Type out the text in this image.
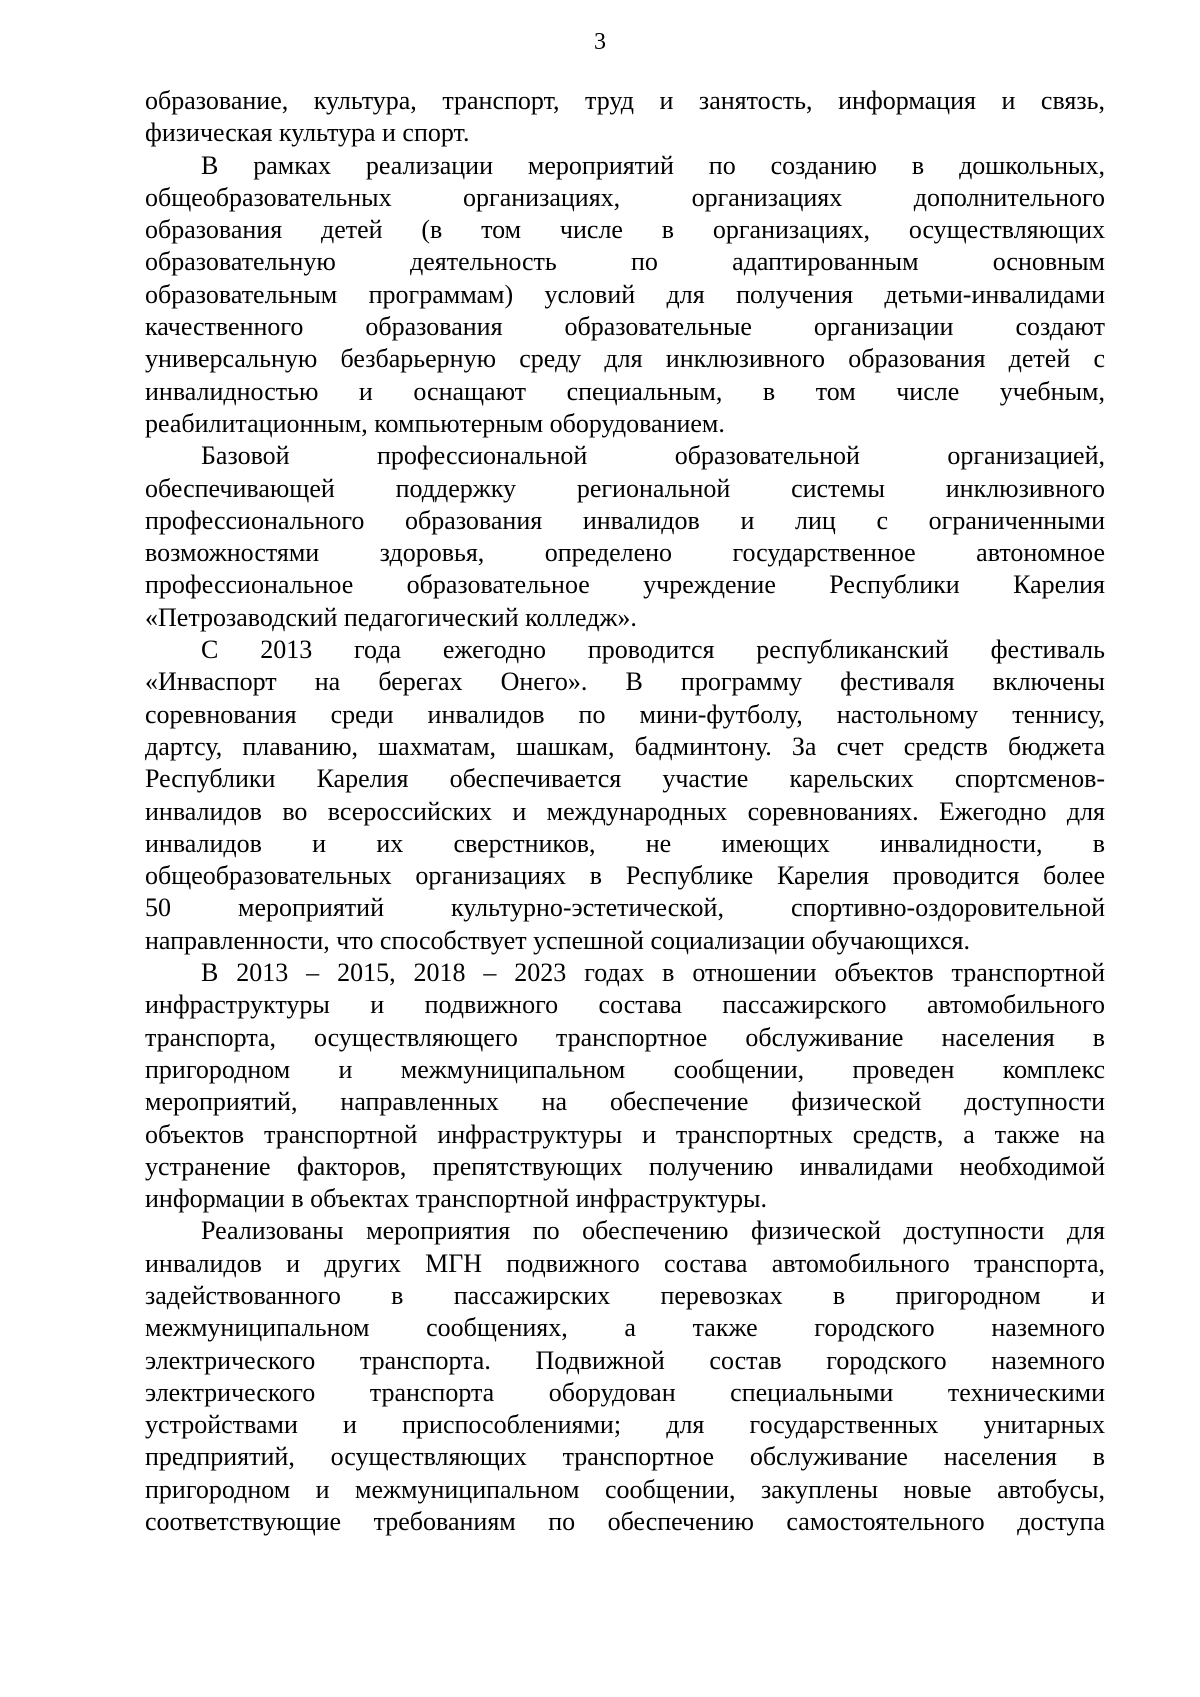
3
образование, культура, транспорт, труд и занятость, информация и связь,
физическая культура и спорт.
В рамках реализации мероприятий по созданию в дошкольных,
общеобразовательных организациях, организациях дополнительного
образования детей (в том числе в организациях, осуществляющих
образовательную деятельность по адаптированным основным
образовательным программам) условий для получения детьми-инвалидами
качественного образования образовательные организации создают
универсальную безбарьерную среду для инклюзивного образования детей с
инвалидностью и оснащают специальным, в том числе учебным,
реабилитационным, компьютерным оборудованием.
Базовой профессиональной образовательной организацией,
обеспечивающей поддержку региональной системы инклюзивного
профессионального образования инвалидов и лиц с ограниченными
возможностями здоровья, определено государственное автономное
профессиональное образовательное учреждение Республики Карелия
«Петрозаводский педагогический колледж».
С 2013 года ежегодно проводится республиканский фестиваль
«Инваспорт на берегах Онего». В программу фестиваля включены
соревнования среди инвалидов по мини-футболу, настольному теннису,
дартсу, плаванию, шахматам, шашкам, бадминтону. За счет средств бюджета
Республики Карелия обеспечивается участие карельских спортсменов-
инвалидов во всероссийских и международных соревнованиях. Ежегодно для
инвалидов и их сверстников, не имеющих инвалидности, в
общеобразовательных организациях в Республике Карелия проводится более
50 мероприятий культурно-эстетической, спортивно-оздоровительной
направленности, что способствует успешной социализации обучающихся.
В 2013 – 2015, 2018 – 2023 годах в отношении объектов транспортной
инфраструктуры и подвижного состава пассажирского автомобильного
транспорта, осуществляющего транспортное обслуживание населения в
пригородном и межмуниципальном сообщении, проведен комплекс
мероприятий, направленных на обеспечение физической доступности
объектов транспортной инфраструктуры и транспортных средств, а также на
устранение факторов, препятствующих получению инвалидами необходимой
информации в объектах транспортной инфраструктуры.
Реализованы мероприятия по обеспечению физической доступности для
инвалидов и других МГН подвижного состава автомобильного транспорта,
задействованного в пассажирских перевозках в пригородном и
межмуниципальном сообщениях, а также городского наземного
электрического транспорта. Подвижной состав городского наземного
электрического транспорта оборудован специальными техническими
устройствами и приспособлениями; для государственных унитарных
предприятий, осуществляющих транспортное обслуживание населения в
пригородном и межмуниципальном сообщении, закуплены новые автобусы,
соответствующие требованиям по обеспечению самостоятельного доступа
